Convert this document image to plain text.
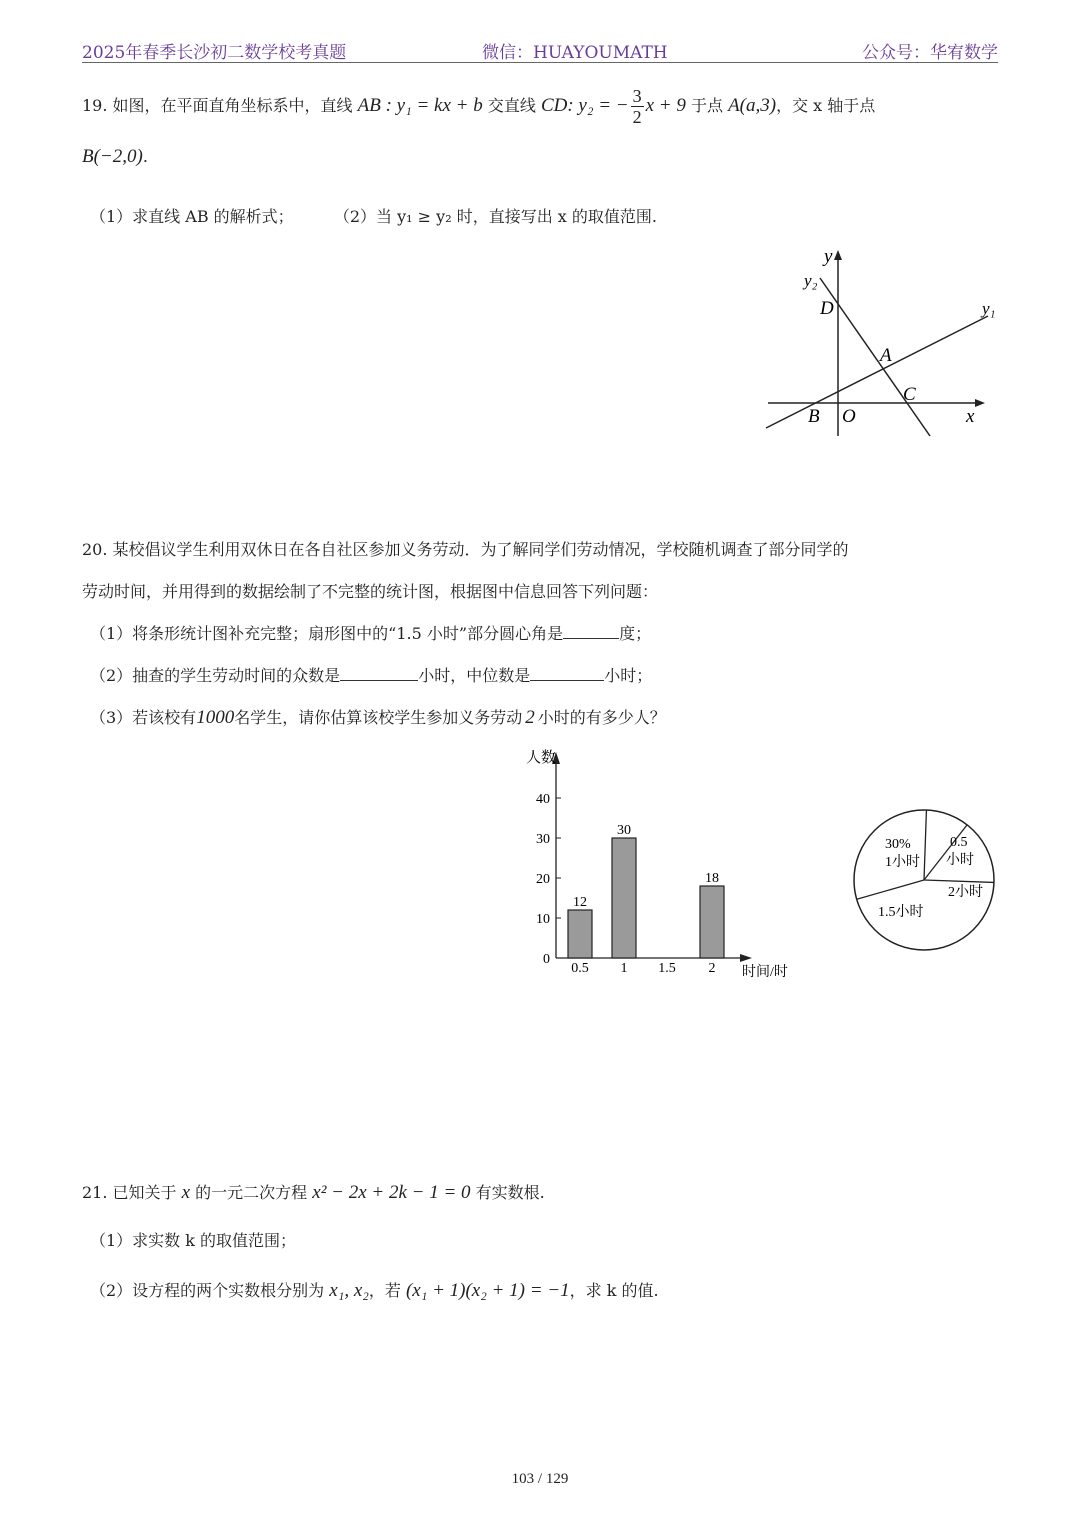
2025年春季长沙初二数学校考真题	微信：HUAYOUMATH	公众号：华宥数学
19. 如图，在平面直角坐标系中，直线 AB : y₁ = kx + b 交直线 CD: y₂ = − $\frac{3}{2}$ x + 9 于点 A(a,3)，交 x 轴于点
B(−2,0).
（1）求直线 AB 的解析式；	（2）当 y₁ ≥ y₂ 时，直接写出 x 的取值范围.
y
x
y₂
y₁
D
A
C
B O
20. 某校倡议学生利用双休日在各自社区参加义务劳动．为了解同学们劳动情况，学校随机调查了部分同学的
劳动时间，并用得到的数据绘制了不完整的统计图，根据图中信息回答下列问题：
（1）将条形统计图补充完整；扇形图中的“1.5 小时”部分圆心角是	度；
（2）抽查的学生劳动时间的众数是	小时，中位数是	小时；
（3）若该校有1000名学生，请你估算该校学生参加义务劳动 2 小时的有多少人？
人数
时间/时
0
10
20
30
40
0.5
12
1
30
1.5 2
18
30%
1小时
0.5
小时
2小时
1.5小时
21. 已知关于 x 的一元二次方程 x² − 2x + 2k − 1 = 0 有实数根.
（1）求实数 k 的取值范围；
（2）设方程的两个实数根分别为 x₁, x₂，若 (x₁ + 1)(x₂ + 1) = −1，求 k 的值.
103 / 129
